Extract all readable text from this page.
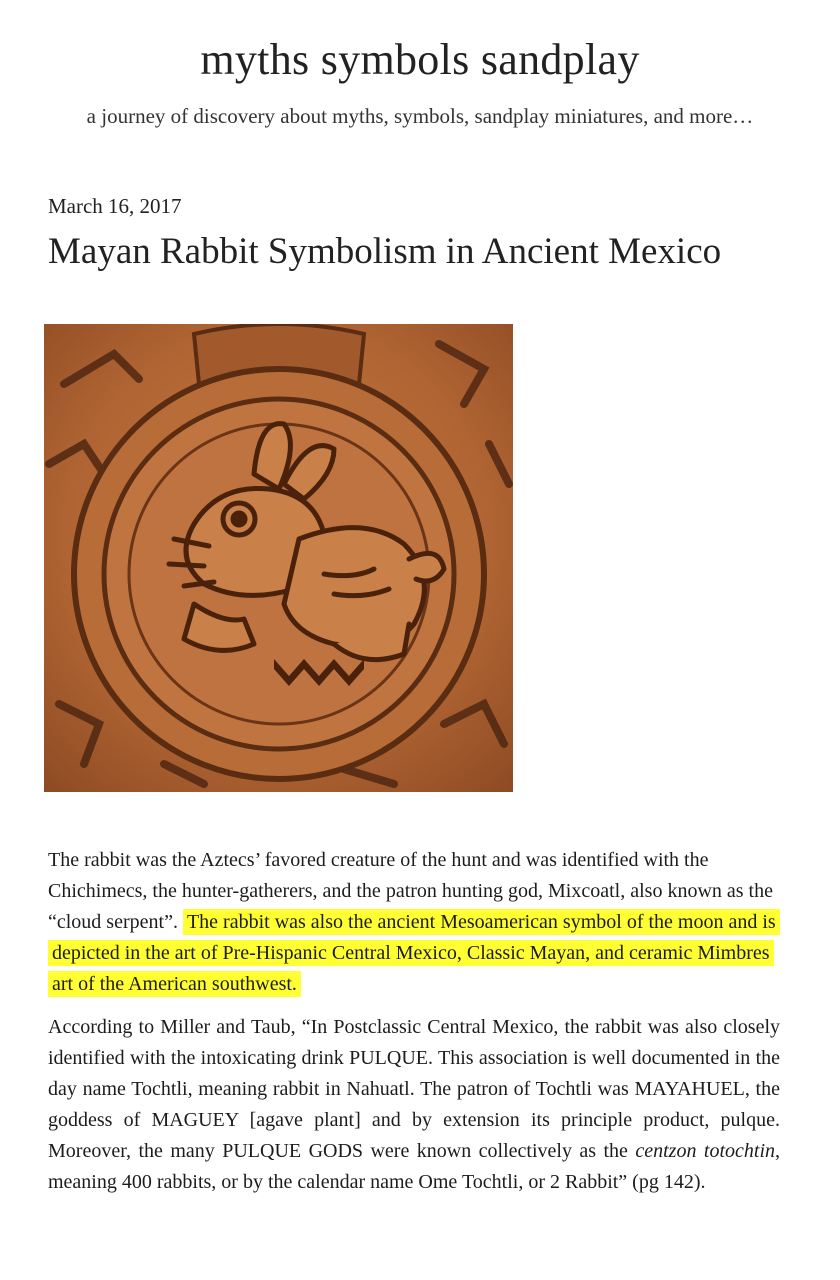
myths symbols sandplay
a journey of discovery about myths, symbols, sandplay miniatures, and more…
March 16, 2017
Mayan Rabbit Symbolism in Ancient Mexico
The rabbit was the Aztecs’ favored creature of the hunt and was identified with the Chichimecs, the hunter-gatherers, and the patron hunting god, Mixcoatl, also known as the “cloud serpent”. The rabbit was also the ancient Mesoamerican symbol of the moon and is depicted in the art of Pre-Hispanic Central Mexico, Classic Mayan, and ceramic Mimbres art of the American southwest.
According to Miller and Taub, “In Postclassic Central Mexico, the rabbit was also closely identified with the intoxicating drink PULQUE. This association is well documented in the day name Tochtli, meaning rabbit in Nahuatl. The patron of Tochtli was MAYAHUEL, the goddess of MAGUEY [agave plant] and by extension its principle product, pulque. Moreover, the many PULQUE GODS were known collectively as the centzon totochtin, meaning 400 rabbits, or by the calendar name Ome Tochtli, or 2 Rabbit” (pg 142).
